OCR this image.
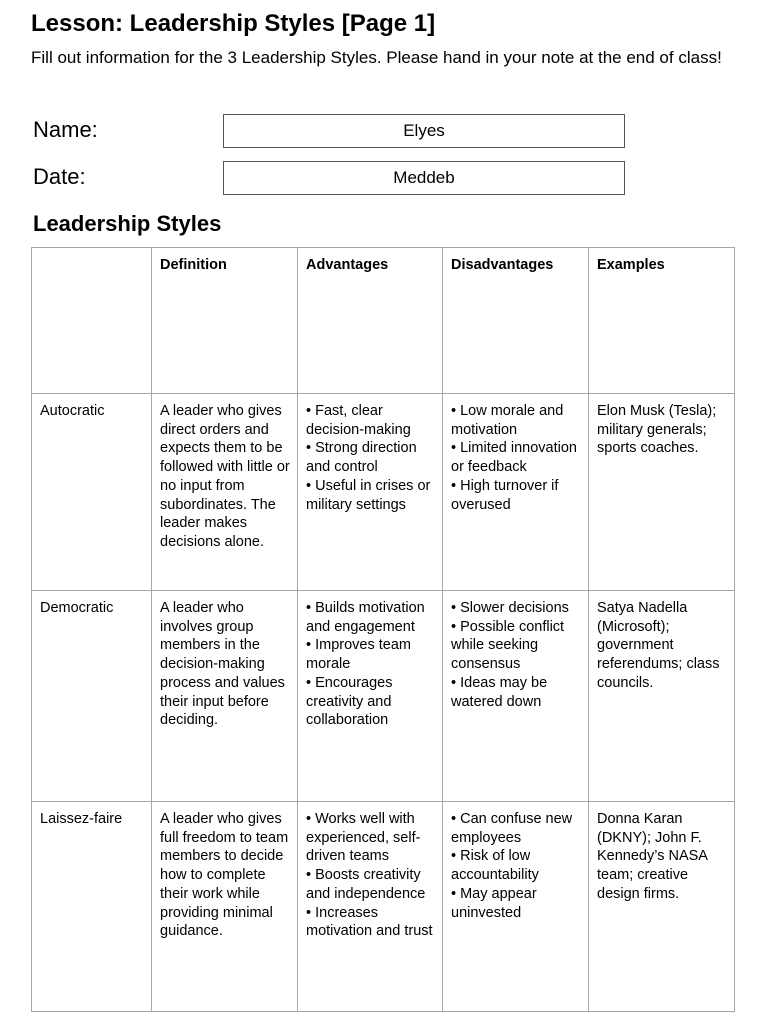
Lesson: Leadership Styles [Page 1]

Fill out information for the 3 Leadership Styles. Please hand in your note at the end of class!

Name:
Elyes
Date:
Meddeb
Leadership Styles
	Definition	Advantages	Disadvantages	Examples

Autocratic	A leader who gives direct orders and expects them to be followed with little or no input from subordinates. The leader makes decisions alone.	• Fast, clear decision-making
• Strong direction and control
• Useful in crises or military settings	• Low morale and motivation
• Limited innovation or feedback
• High turnover if overused	Elon Musk (Tesla); military generals; sports coaches.

Democratic	A leader who involves group members in the decision-making process and values their input before deciding.	• Builds motivation and engagement
• Improves team morale
• Encourages creativity and collaboration	• Slower decisions
• Possible conflict while seeking consensus
• Ideas may be watered down	Satya Nadella (Microsoft); government referendums; class councils.

Laissez-faire	A leader who gives full freedom to team members to decide how to complete their work while providing minimal guidance.	• Works well with experienced, self-driven teams
• Boosts creativity and independence
• Increases motivation and trust	• Can confuse new employees
• Risk of low accountability
• May appear uninvested	Donna Karan (DKNY); John F. Kennedy’s NASA team; creative design firms.
